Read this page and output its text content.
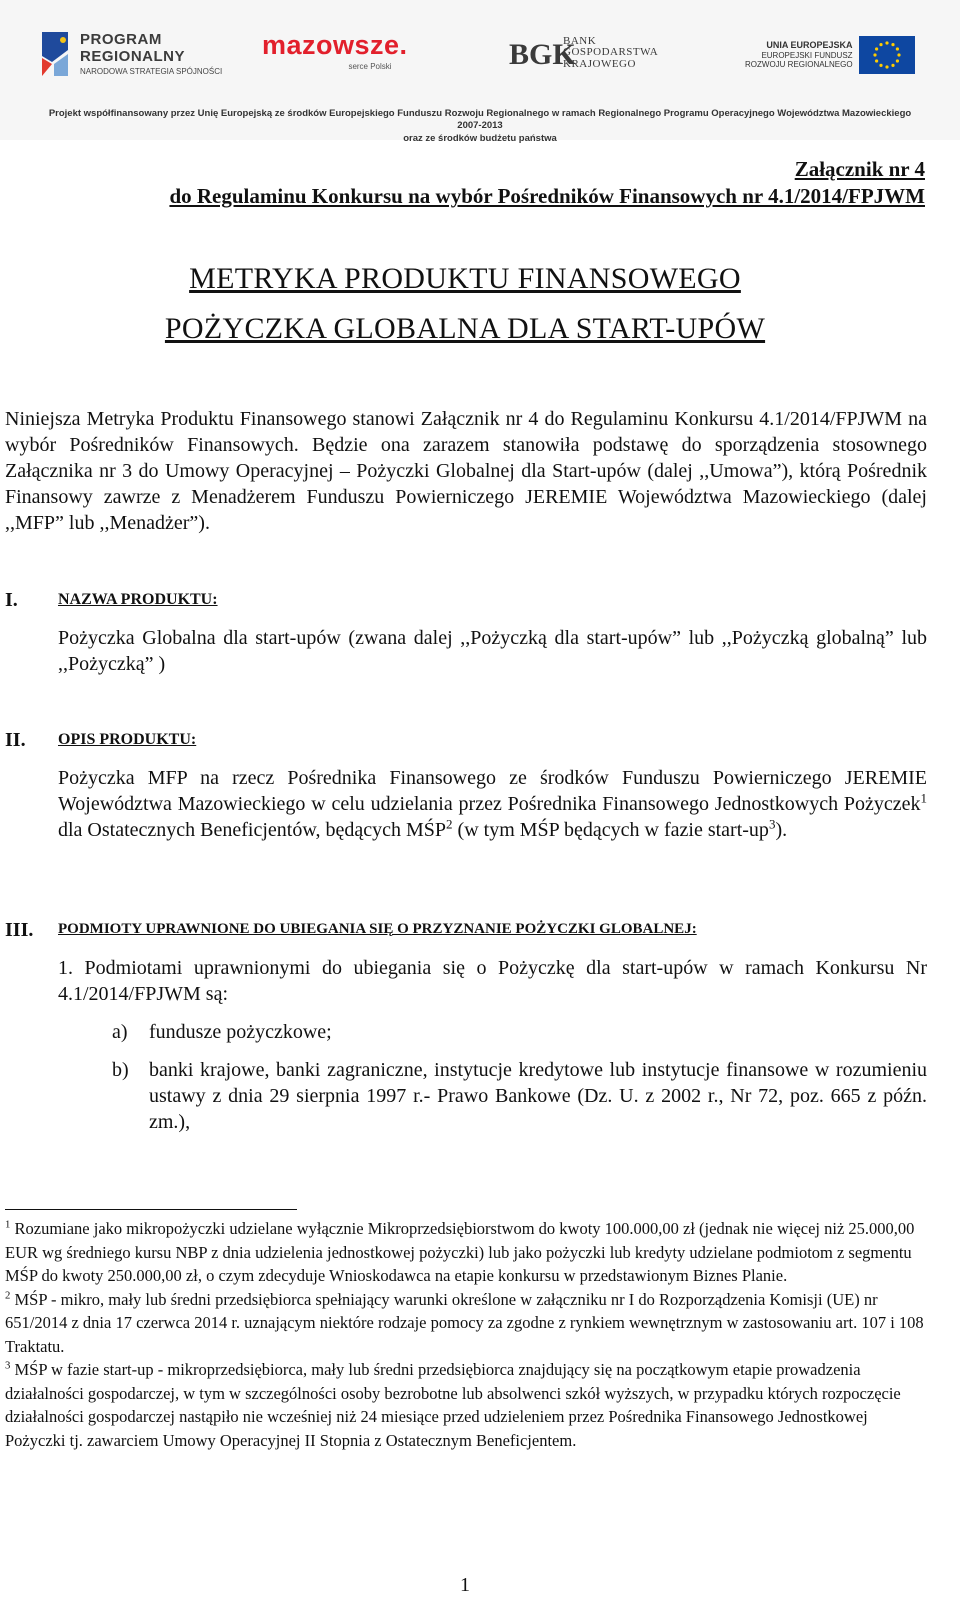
PROGRAM
REGIONALNY
NARODOWA STRATEGIA SPÓJNOŚCI
mazowsze.
serce Polski	BGK
BANK
GOSPODARSTWA
KRAJOWEGO
UNIA EUROPEJSKA
EUROPEJSKI FUNDUSZ
ROZWOJU REGIONALNEGO
Projekt współfinansowany przez Unię Europejską ze środków Europejskiego Funduszu Rozwoju Regionalnego w ramach Regionalnego Programu Operacyjnego Województwa Mazowieckiego 2007-2013
oraz ze środków budżetu państwa
Załącznik nr 4
do Regulaminu Konkursu na wybór Pośredników Finansowych nr 4.1/2014/FPJWM
METRYKA PRODUKTU FINANSOWEGO
POŻYCZKA GLOBALNA DLA START-UPÓW
Niniejsza Metryka Produktu Finansowego stanowi Załącznik nr 4 do Regulaminu Konkursu 4.1/2014/FPJWM na wybór Pośredników Finansowych. Będzie ona zarazem stanowiła podstawę do sporządzenia stosownego Załącznika nr 3 do Umowy Operacyjnej – Pożyczki Globalnej dla Start-upów (dalej ,,Umowa”), którą Pośrednik Finansowy zawrze z Menadżerem Funduszu Powierniczego JEREMIE Województwa Mazowieckiego (dalej ,,MFP” lub ,,Menadżer”).
I.	NAZWA PRODUKTU:
Pożyczka Globalna dla start-upów (zwana dalej ,,Pożyczką dla start-upów” lub ,,Pożyczką globalną” lub ,,Pożyczką” )
II. OPIS PRODUKTU:
Pożyczka MFP na rzecz Pośrednika Finansowego ze środków Funduszu Powierniczego JEREMIE Województwa Mazowieckiego w celu udzielania przez Pośrednika Finansowego Jednostkowych Pożyczek$^1$ dla Ostatecznych Beneficjentów, będących MŚP$^2$ (w tym MŚP będących w fazie start-$up^3$).
III. PODMIOTY UPRAWNIONE DO UBIEGANIA SIĘ O PRZYZNANIE POŻYCZKI GLOBALNEJ:
1. Podmiotami uprawnionymi do ubiegania się o Pożyczkę dla start-upów w ramach Konkursu Nr 4.1/2014/FPJWM są:
a)	fundusze pożyczkowe;
b)	banki krajowe, banki zagraniczne, instytucje kredytowe lub instytucje finansowe w rozumieniu ustawy z dnia 29 sierpnia 1997 r.- Prawo Bankowe (Dz. U. z 2002 r., Nr 72, poz. 665 z późn. zm.),

$^1$ Rozumiane jako mikropożyczki udzielane wyłącznie Mikroprzedsiębiorstwom do kwoty 100.000,00 zł (jednak nie więcej niż 25.000,00 EUR wg średniego kursu NBP z dnia udzielenia jednostkowej pożyczki) lub jako pożyczki lub kredyty udzielane podmiotom z segmentu MŚP do kwoty 250.000,00 zł, o czym zdecyduje Wnioskodawca na etapie konkursu w przedstawionym Biznes Planie.

$^2$ MŚP - mikro, mały lub średni przedsiębiorca spełniający warunki określone w załączniku nr I do Rozporządzenia Komisji (UE) nr 651/2014 z dnia 17 czerwca 2014 r. uznającym niektóre rodzaje pomocy za zgodne z rynkiem wewnętrznym w zastosowaniu art. 107 i 108 Traktatu.

$^3$ MŚP w fazie start-up - mikroprzedsiębiorca, mały lub średni przedsiębiorca znajdujący się na początkowym etapie prowadzenia działalności gospodarczej, w tym w szczególności osoby bezrobotne lub absolwenci szkół wyższych, w przypadku których rozpoczęcie działalności gospodarczej nastąpiło nie wcześniej niż 24 miesiące przed udzieleniem przez Pośrednika Finansowego Jednostkowej Pożyczki tj. zawarciem Umowy Operacyjnej II Stopnia z Ostatecznym Beneficjentem.

1
